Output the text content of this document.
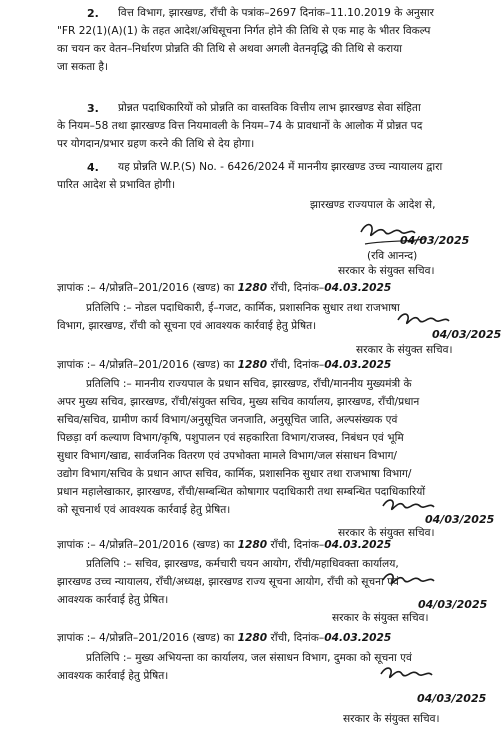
2. वित्त विभाग, झारखण्ड, राँची के पत्रांक–2697 दिनांक–11.10.2019 के अनुसार
"FR 22(1)(A)(1) के तहत आदेश/अधिसूचना निर्गत होने की तिथि से एक माह के भीतर विकल्प
का चयन कर वेतन–निर्धारण प्रोन्नति की तिथि से अथवा अगली वेतनवृद्धि की तिथि से कराया
जा सकता है।
3. प्रोन्नत पदाधिकारियों को प्रोन्नति का वास्तविक वित्तीय लाभ झारखण्ड सेवा संहिता
के नियम–58 तथा झारखण्ड वित्त नियमावली के नियम–74 के प्रावधानों के आलोक में प्रोन्नत पद
पर योगदान/प्रभार ग्रहण करने की तिथि से देय होगा।
4. यह प्रोन्नति W.P.(S) No. - 6426/2024 में माननीय झारखण्ड उच्च न्यायालय द्वारा
पारित आदेश से प्रभावित होगी।
झारखण्ड राज्यपाल के आदेश से,
04/03/2025
(रवि आनन्द)
सरकार के संयुक्त सचिव।
ज्ञापांक :– 4/प्रोन्नति–201/2016 (खण्ड) का 1280 राँची, दिनांक–04.03.2025
प्रतिलिपि :– नोडल पदाधिकारी, ई–गजट, कार्मिक, प्रशासनिक सुधार तथा राजभाषा
विभाग, झारखण्ड, राँची को सूचना एवं आवश्यक कार्रवाई हेतु प्रेषित।
04/03/2025
सरकार के संयुक्त सचिव।
ज्ञापांक :– 4/प्रोन्नति–201/2016 (खण्ड) का 1280 राँची, दिनांक–04.03.2025
प्रतिलिपि :– माननीय राज्यपाल के प्रधान सचिव, झारखण्ड, राँची/माननीय मुख्यमंत्री के
अपर मुख्य सचिव, झारखण्ड, राँची/संयुक्त सचिव, मुख्य सचिव कार्यालय, झारखण्ड, राँची/प्रधान
सचिव/सचिव, ग्रामीण कार्य विभाग/अनुसूचित जनजाति, अनुसूचित जाति, अल्पसंख्यक एवं
पिछड़ा वर्ग कल्याण विभाग/कृषि, पशुपालन एवं सहकारिता विभाग/राजस्व, निबंधन एवं भूमि
सुधार विभाग/खाद्य, सार्वजनिक वितरण एवं उपभोक्ता मामले विभाग/जल संसाधन विभाग/
उद्योग विभाग/सचिव के प्रधान आप्त सचिव, कार्मिक, प्रशासनिक सुधार तथा राजभाषा विभाग/
प्रधान महालेखाकार, झारखण्ड, राँची/सम्बन्धित कोषागार पदाधिकारी तथा सम्बन्धित पदाधिकारियों
को सूचनार्थ एवं आवश्यक कार्रवाई हेतु प्रेषित।
04/03/2025
सरकार के संयुक्त सचिव।
ज्ञापांक :– 4/प्रोन्नति–201/2016 (खण्ड) का 1280 राँची, दिनांक–04.03.2025
प्रतिलिपि :– सचिव, झारखण्ड, कर्मचारी चयन आयोग, राँची/महाधिवक्ता कार्यालय,
झारखण्ड उच्च न्यायालय, राँची/अध्यक्ष, झारखण्ड राज्य सूचना आयोग, राँची को सूचना एवं
आवश्यक कार्रवाई हेतु प्रेषित।	04/03/2025
सरकार के संयुक्त सचिव।
ज्ञापांक :– 4/प्रोन्नति–201/2016 (खण्ड) का 1280 राँची, दिनांक–04.03.2025
प्रतिलिपि :– मुख्य अभियन्ता का कार्यालय, जल संसाधन विभाग, दुमका को सूचना एवं
आवश्यक कार्रवाई हेतु प्रेषित।
04/03/2025
सरकार के संयुक्त सचिव।
